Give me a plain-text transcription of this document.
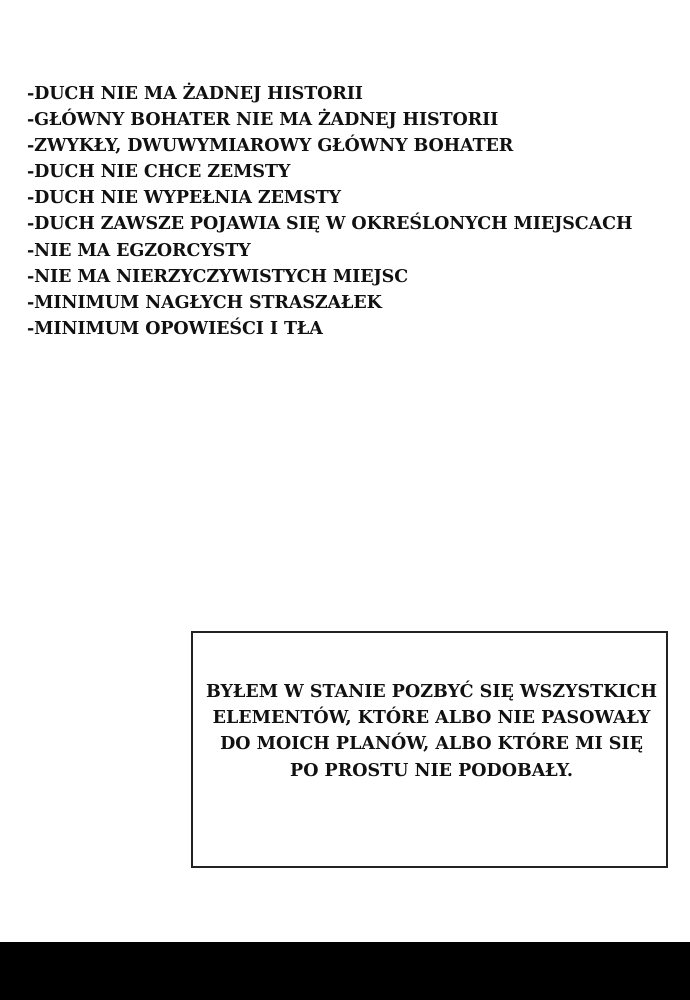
-DUCH NIE MA ŻADNEJ HISTORII
-GŁÓWNY BOHATER NIE MA ŻADNEJ HISTORII
-ZWYKŁY, DWUWYMIAROWY GŁÓWNY BOHATER
-DUCH NIE CHCE ZEMSTY
-DUCH NIE WYPEŁNIA ZEMSTY
-DUCH ZAWSZE POJAWIA SIĘ W OKREŚLONYCH MIEJSCACH
-NIE MA EGZORCYSTY
-NIE MA NIERZYCZYWISTYCH MIEJSC
-MINIMUM NAGŁYCH STRASZAŁEK
-MINIMUM OPOWIEŚCI I TŁA
BYŁEM W STANIE POZBYĆ SIĘ WSZYSTKICH
ELEMENTÓW, KTÓRE ALBO NIE PASOWAŁY
DO MOICH PLANÓW, ALBO KTÓRE MI SIĘ
PO PROSTU NIE PODOBAŁY.
